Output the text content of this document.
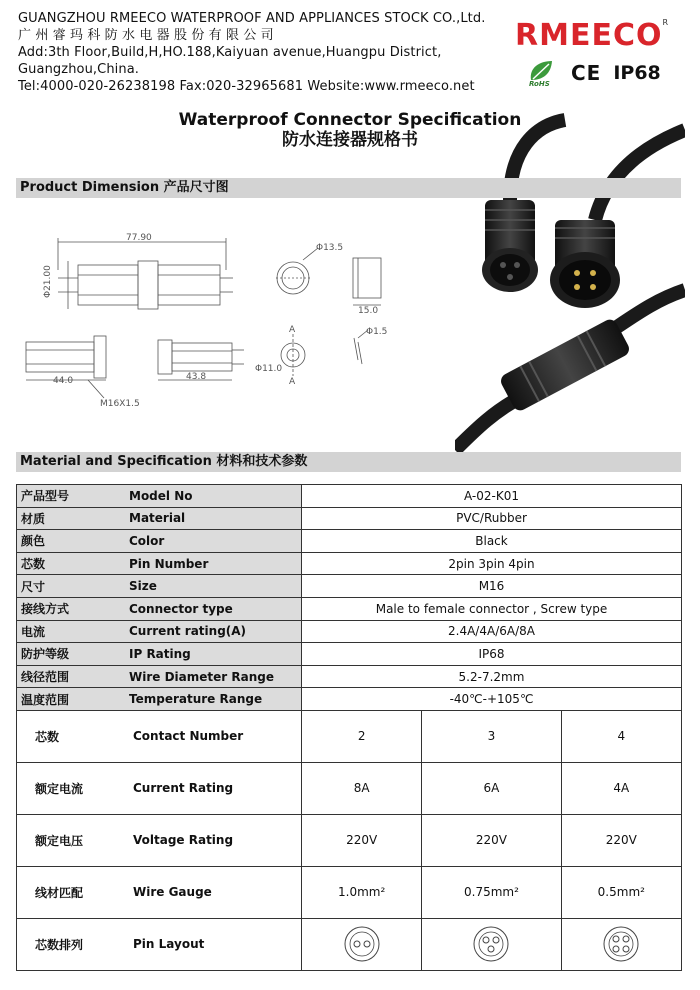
GUANGZHOU RMEECO WATERPROOF AND APPLIANCES STOCK CO.,Ltd.
广 州 睿 玛 科 防 水 电 器 股 份 有 限 公 司
Add:3th Floor,Build,H,HO.188,Kaiyuan avenue,Huangpu District,
Guangzhou,China.
Tel:4000-020-26238198 Fax:020-32965681 Website:www.rmeeco.net
$RMEECO^R$
RoHS CE IP68
Waterproof Connector Specification
防水连接器规格书
Product Dimension 产品尺寸图
77.90
Φ21.00
Φ13.5
15.0
44.0
M16X1.5
43.8
A
A
Φ11.0
Φ1.5
Material and Specification 材料和技术参数
产品型号	Model No	A-02-K01		
材质	Material	PVC/Rubber		
颜色	Color	Black		
芯数	Pin Number	2pin 3pin 4pin		
尺寸	Size	M16		
接线方式	Connector type	Male to female connector , Screw type		
电流	Current rating(A)	2.4A/4A/6A/8A		
防护等级	IP Rating	IP68		
线径范围	Wire Diameter Range	5.2-7.2mm		
温度范围	Temperature Range	-40℃-+105℃		
芯数	Contact Number	2	3	4
额定电流	Current Rating	8A	6A	4A
额定电压	Voltage Rating	220V	220V	220V
线材匹配	Wire Gauge	1.0mm²	0.75mm²	0.5mm²
芯数排列	Pin Layout	
